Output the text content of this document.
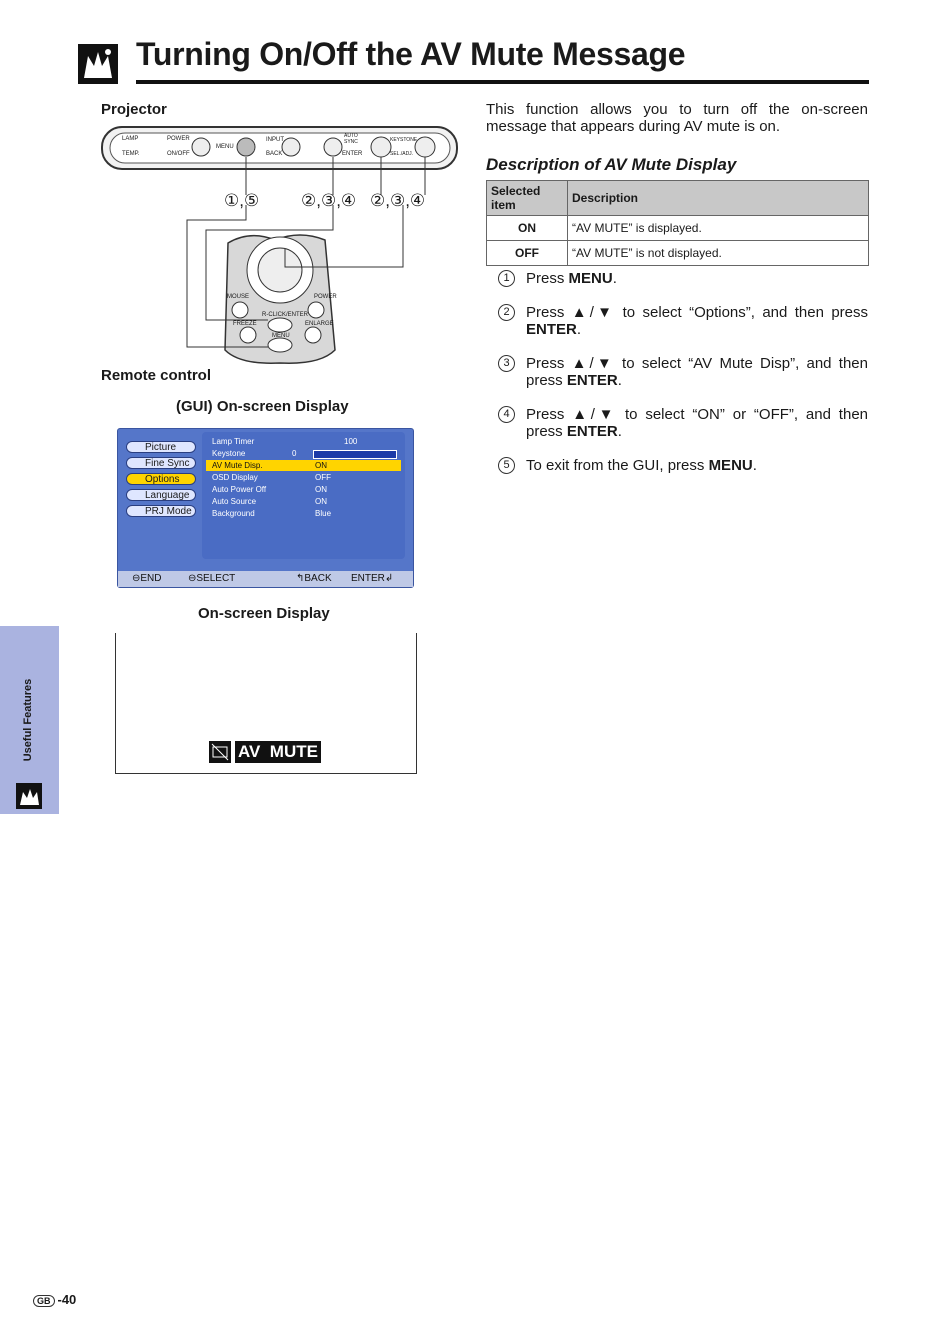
Turning On/Off the AV Mute Message
Projector
①,⑤ ②,③,④ ②,③,④
LAMP
TEMP.
POWER
ON/OFF
MENU
INPUT
BACK
AUTO SYNC
ENTER
KEYSTONE
SEL./ADJ.
MOUSE	POWER
R-CLICK/ENTER
FREEZE	ENLARGE
MENU
Remote control
(GUI) On-screen Display
Picture
Fine Sync
Options
Language
PRJ Mode
Lamp Timer	100
Keystone	0
AV Mute Disp.	ON
OSD Display	OFF
Auto Power Off	ON
Auto Source	ON
Background	Blue
⊖END	⊖SELECT	↰BACK ENTER↲
On-screen Display
AV  MUTE
This function allows you to turn off the on-screen message that appears during AV mute is on.
Description of AV Mute Display
Selected item	Description
ON	“AV MUTE” is displayed.
OFF	“AV MUTE” is not displayed.
1	Press MENU.
2	Press ▲/▼ to select “Options”, and then press ENTER.
3	Press ▲/▼ to select “AV Mute Disp”, and then press ENTER.
4	Press ▲/▼ to select “ON” or “OFF”, and then press ENTER.
5	To exit from the GUI, press MENU.
Useful Features
GB -40
